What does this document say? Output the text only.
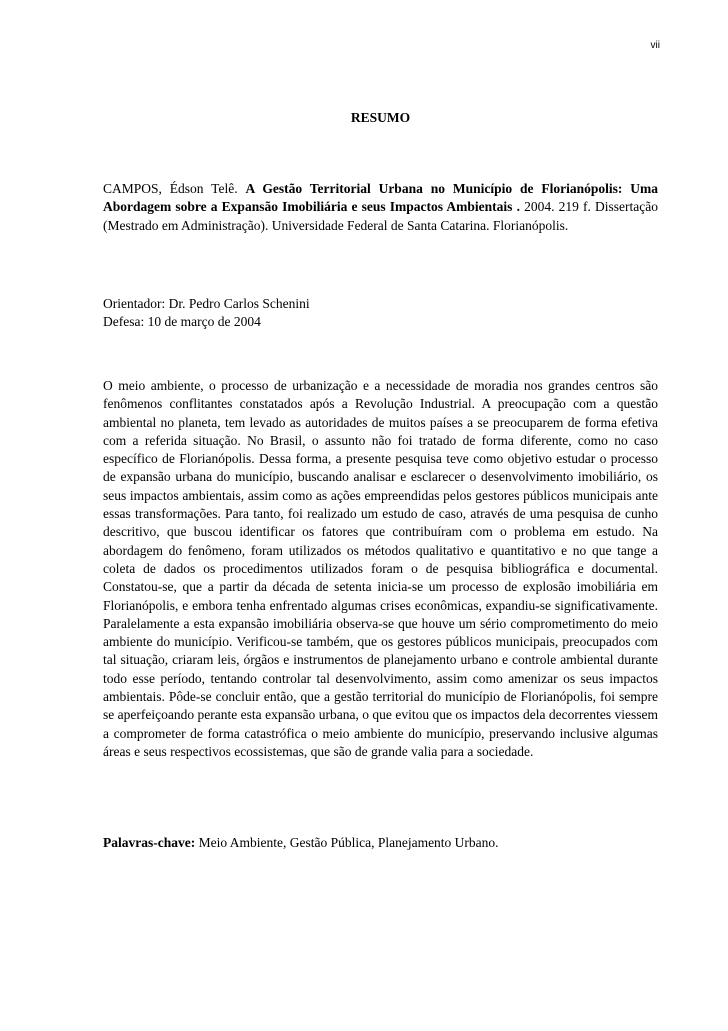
vii
RESUMO

CAMPOS, Édson Telê. A Gestão Territorial Urbana no Município de Florianópolis: Uma Abordagem sobre a Expansão Imobiliária e seus Impactos Ambientais . 2004. 219 f. Dissertação (Mestrado em Administração). Universidade Federal de Santa Catarina. Florianópolis.

Orientador: Dr. Pedro Carlos Schenini
Defesa: 10 de março de 2004

O meio ambiente, o processo de urbanização e a necessidade de moradia nos grandes centros são fenômenos conflitantes constatados após a Revolução Industrial. A preocupação com a questão ambiental no planeta, tem levado as autoridades de muitos países a se preocuparem de forma efetiva com a referida situação. No Brasil, o assunto não foi tratado de forma diferente, como no caso específico de Florianópolis. Dessa forma, a presente pesquisa teve como objetivo estudar o processo de expansão urbana do município, buscando analisar e esclarecer o desenvolvimento imobiliário, os seus impactos ambientais, assim como as ações empreendidas pelos gestores públicos municipais ante essas transformações. Para tanto, foi realizado um estudo de caso, através de uma pesquisa de cunho descritivo, que buscou identificar os fatores que contribuíram com o problema em estudo. Na abordagem do fenômeno, foram utilizados os métodos qualitativo e quantitativo e no que tange a coleta de dados os procedimentos utilizados foram o de pesquisa bibliográfica e documental. Constatou-se, que a partir da década de setenta inicia-se um processo de explosão imobiliária em Florianópolis, e embora tenha enfrentado algumas crises econômicas, expandiu-se significativamente. Paralelamente a esta expansão imobiliária observa-se que houve um sério comprometimento do meio ambiente do município. Verificou-se também, que os gestores públicos municipais, preocupados com tal situação, criaram leis, órgãos e instrumentos de planejamento urbano e controle ambiental durante todo esse período, tentando controlar tal desenvolvimento, assim como amenizar os seus impactos ambientais. Pôde-se concluir então, que a gestão territorial do município de Florianópolis, foi sempre se aperfeiçoando perante esta expansão urbana, o que evitou que os impactos dela decorrentes viessem a comprometer de forma catastrófica o meio ambiente do município, preservando inclusive algumas áreas e seus respectivos ecossistemas, que são de grande valia para a sociedade.

Palavras-chave: Meio Ambiente, Gestão Pública, Planejamento Urbano.
